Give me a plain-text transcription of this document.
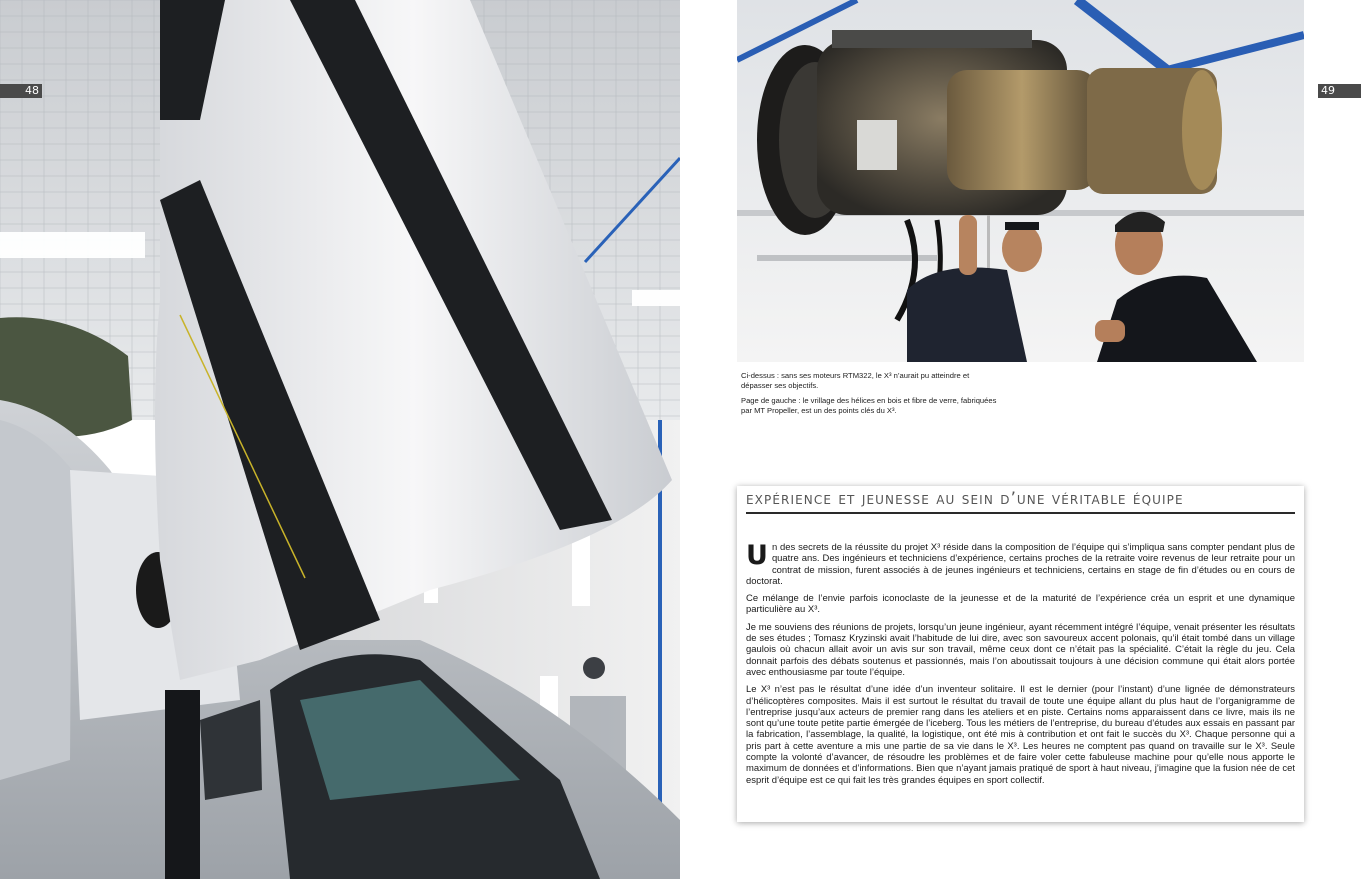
48	49

Ci-dessus : sans ses moteurs RTM322, le X³ n’aurait pu atteindre et dépasser ses objectifs.

Page de gauche : le vrillage des hélices en bois et fibre de verre, fabriquées par MT Propeller, est un des points clés du X³.

expérience et jeunesse au sein d’une véritable équipe

Un des secrets de la réussite du projet X³ réside dans la composition de l’équipe qui s’impliqua sans compter pendant plus de quatre ans. Des ingénieurs et techniciens d’expérience, certains proches de la retraite voire revenus de leur retraite pour un contrat de mission, furent associés à de jeunes ingénieurs et techniciens, certains en stage de fin d’études ou en cours de doctorat.

Ce mélange de l’envie parfois iconoclaste de la jeunesse et de la maturité de l’expérience créa un esprit et une dynamique particulière au X³.

Je me souviens des réunions de projets, lorsqu’un jeune ingénieur, ayant récemment intégré l’équipe, venait présenter les résultats de ses études ; Tomasz Kryzinski avait l’habitude de lui dire, avec son savoureux accent polonais, qu’il était tombé dans un village gaulois où chacun allait avoir un avis sur son travail, même ceux dont ce n’était pas la spécialité. C’était la règle du jeu. Cela donnait parfois des débats soutenus et passionnés, mais l’on aboutissait toujours à une décision commune qui était alors portée avec enthousiasme par toute l’équipe.

Le X³ n’est pas le résultat d’une idée d’un inventeur solitaire. Il est le dernier (pour l’instant) d’une lignée de démonstrateurs d’hélicoptères composites. Mais il est surtout le résultat du travail de toute une équipe allant du plus haut de l’organigramme de l’entreprise jusqu’aux acteurs de premier rang dans les ateliers et en piste. Certains noms apparaissent dans ce livre, mais ils ne sont qu’une toute petite partie émergée de l’iceberg. Tous les métiers de l’entreprise, du bureau d’études aux essais en passant par la fabrication, l’assemblage, la qualité, la logistique, ont été mis à contribution et ont fait le succès du X³. Chaque personne qui a pris part à cette aventure a mis une partie de sa vie dans le X³. Les heures ne comptent pas quand on travaille sur le X³. Seule compte la volonté d’avancer, de résoudre les problèmes et de faire voler cette fabuleuse machine pour qu’elle nous apporte le maximum de données et d’informations. Bien que n’ayant jamais pratiqué de sport à haut niveau, j’imagine que la fusion née de cet esprit d’équipe est ce qui fait les très grandes équipes en sport collectif.
